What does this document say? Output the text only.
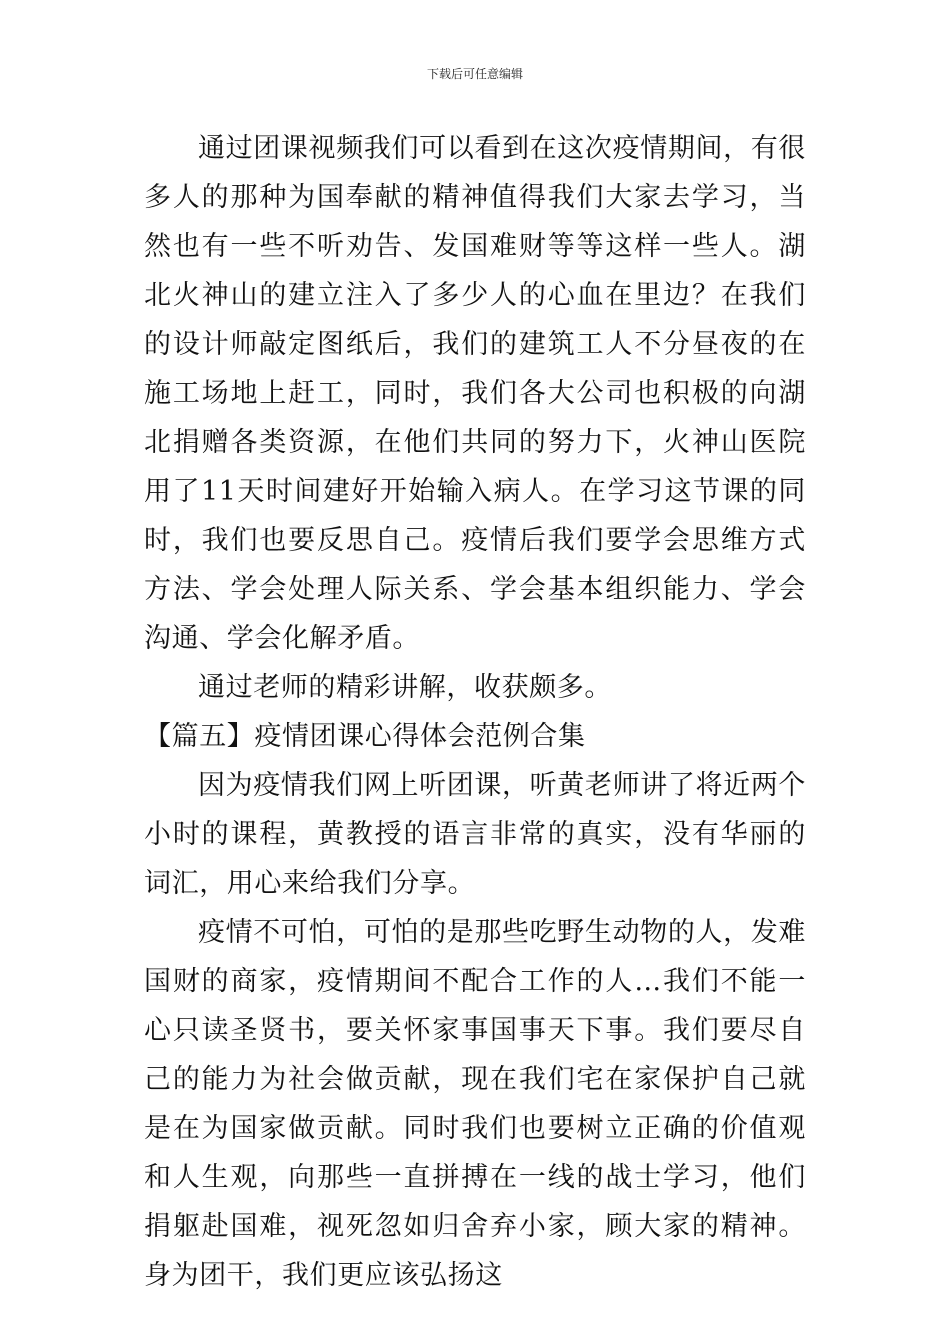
下载后可任意编辑

通过团课视频我们可以看到在这次疫情期间，有很多人的那种为国奉献的精神值得我们大家去学习，当然也有一些不听劝告、发国难财等等这样一些人。湖北火神山的建立注入了多少人的心血在里边？在我们的设计师敲定图纸后，我们的建筑工人不分昼夜的在施工场地上赶工，同时，我们各大公司也积极的向湖北捐赠各类资源，在他们共同的努力下，火神山医院用了11天时间建好开始输入病人。在学习这节课的同时，我们也要反思自己。疫情后我们要学会思维方式方法、学会处理人际关系、学会基本组织能力、学会沟通、学会化解矛盾。

通过老师的精彩讲解，收获颇多。

【篇五】疫情团课心得体会范例合集

因为疫情我们网上听团课，听黄老师讲了将近两个小时的课程，黄教授的语言非常的真实，没有华丽的词汇，用心来给我们分享。

疫情不可怕，可怕的是那些吃野生动物的人，发难国财的商家，疫情期间不配合工作的人…我们不能一心只读圣贤书，要关怀家事国事天下事。我们要尽自己的能力为社会做贡献，现在我们宅在家保护自己就是在为国家做贡献。同时我们也要树立正确的价值观和人生观，向那些一直拼搏在一线的战士学习，他们捐躯赴国难，视死忽如归舍弃小家，顾大家的精神。身为团干，我们更应该弘扬这
